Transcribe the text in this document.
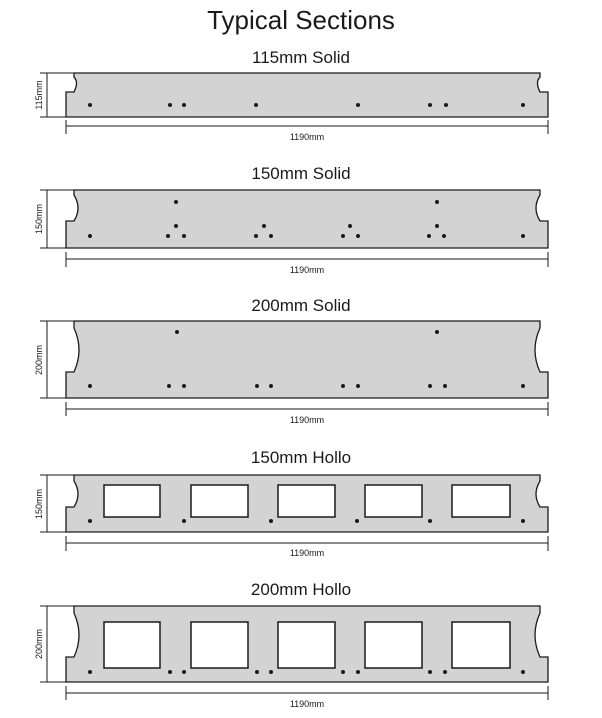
Typical Sections
115mm Solid
115mm
1190mm
150mm Solid
150mm
1190mm
200mm Solid
200mm
1190mm
150mm Hollo
150mm
1190mm
200mm Hollo
200mm
1190mm
